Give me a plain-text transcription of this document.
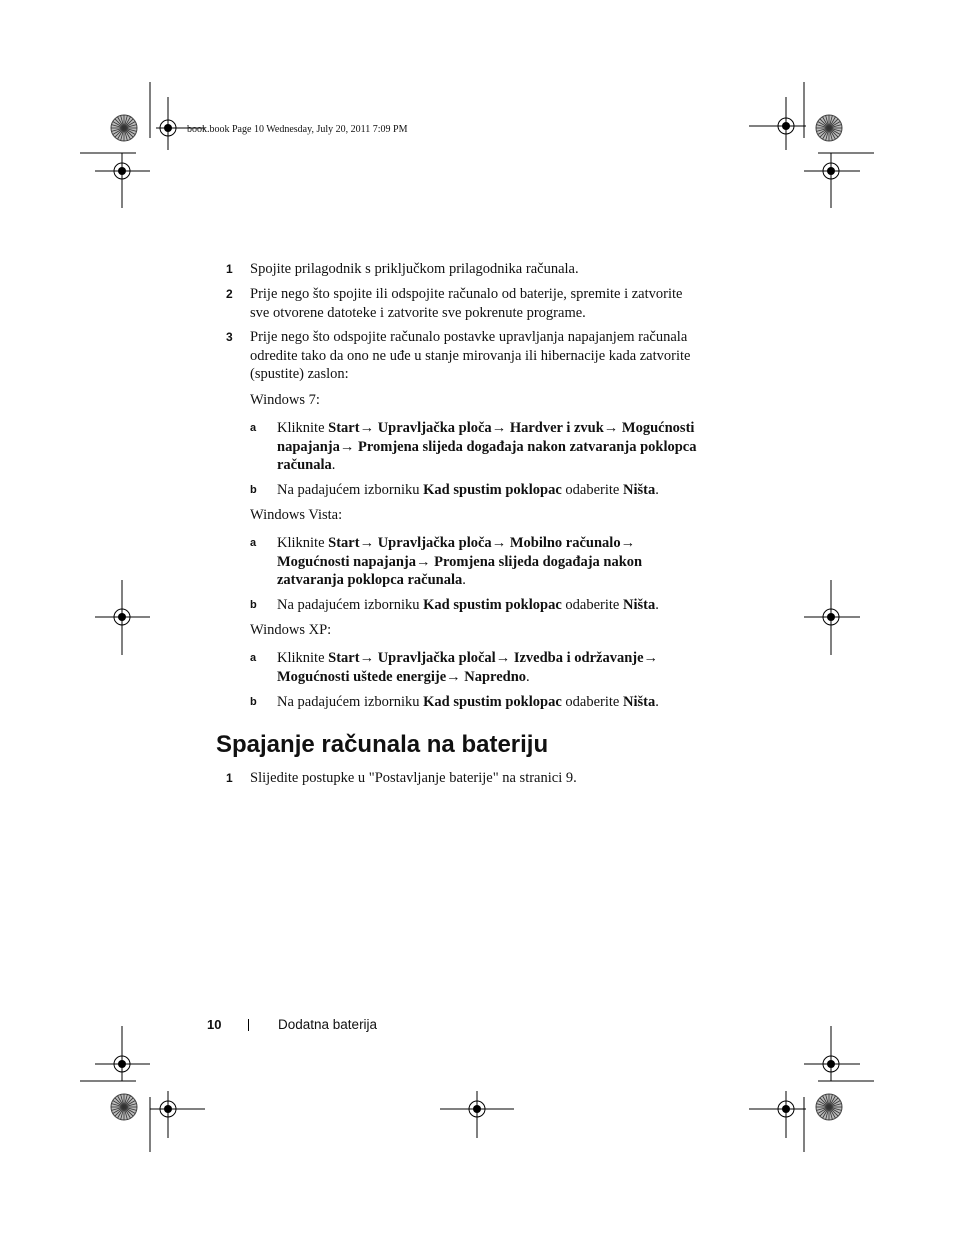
book.book Page 10 Wednesday, July 20, 2011 7:09 PM
1 Spojite prilagodnik s priključkom prilagodnika računala.
2 Prije nego što spojite ili odspojite računalo od baterije, spremite i zatvorite
sve otvorene datoteke i zatvorite sve pokrenute programe.
3 Prije nego što odspojite računalo postavke upravljanja napajanjem računala
odredite tako da ono ne uđe u stanje mirovanja ili hibernacije kada zatvorite
(spustite) zaslon:
Windows 7:
a Kliknite Start→ Upravljačka ploča→ Hardver i zvuk→ Mogućnosti
napajanja→ Promjena slijeda događaja nakon zatvaranja poklopca
računala.
b Na padajućem izborniku Kad spustim poklopac odaberite Ništa.
Windows Vista:
a Kliknite Start→ Upravljačka ploča→ Mobilno računalo→
Mogućnosti napajanja→ Promjena slijeda događaja nakon
zatvaranja poklopca računala.
b Na padajućem izborniku Kad spustim poklopac odaberite Ništa.
Windows XP:
a Kliknite Start→ Upravljačka pločal→ Izvedba i održavanje→
Mogućnosti uštede energije→ Napredno.
b Na padajućem izborniku Kad spustim poklopac odaberite Ništa.
Spajanje računala na bateriju
1 Slijedite postupke u "Postavljanje baterije" na stranici 9.
10	Dodatna baterija
